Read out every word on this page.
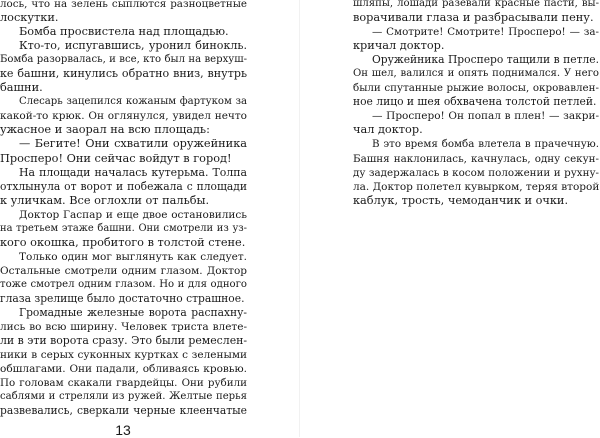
лось, что на зелень сыплются разноцветные
лоскутки.
Бомба просвистела над площадью.
Кто-то, испугавшись, уронил бинокль.
Бомба разорвалась, и все, кто был на верхуш-
ке башни, кинулись обратно вниз, внутрь
башни.
Слесарь зацепился кожаным фартуком за
какой-то крюк. Он оглянулся, увидел нечто
ужасное и заорал на всю площадь:
— Бегите! Они схватили оружейника
Просперо! Они сейчас войдут в город!
На площади началась кутерьма. Толпа
отхлынула от ворот и побежала с площади
к уличкам. Все оглохли от пальбы.
Доктор Гаспар и еще двое остановились
на третьем этаже башни. Они смотрели из уз-
кого окошка, пробитого в толстой стене.
Только один мог выглянуть как следует.
Остальные смотрели одним глазом. Доктор
тоже смотрел одним глазом. Но и для одного
глаза зрелище было достаточно страшное.
Громадные железные ворота распахну-
лись во всю ширину. Человек триста влете-
ли в эти ворота сразу. Это были ремеслен-
ники в серых суконных куртках с зелеными
обшлагами. Они падали, обливаясь кровью.
По головам скакали гвардейцы. Они рубили
саблями и стреляли из ружей. Желтые перья
развевались, сверкали черные клеенчатые
13
шляпы, лошади разевали красные пасти, вы-
ворачивали глаза и разбрасывали пену.
— Смотрите! Смотрите! Просперо! — за-
кричал доктор.
Оружейника Просперо тащили в петле.
Он шел, валился и опять поднимался. У него
были спутанные рыжие волосы, окровавлен-
ное лицо и шея обхвачена толстой петлей.
— Просперо! Он попал в плен! — закри-
чал доктор.
В это время бомба влетела в прачечную.
Башня наклонилась, качнулась, одну секун-
ду задержалась в косом положении и рухну-
ла. Доктор полетел кувырком, теряя второй
каблук, трость, чемоданчик и очки.
